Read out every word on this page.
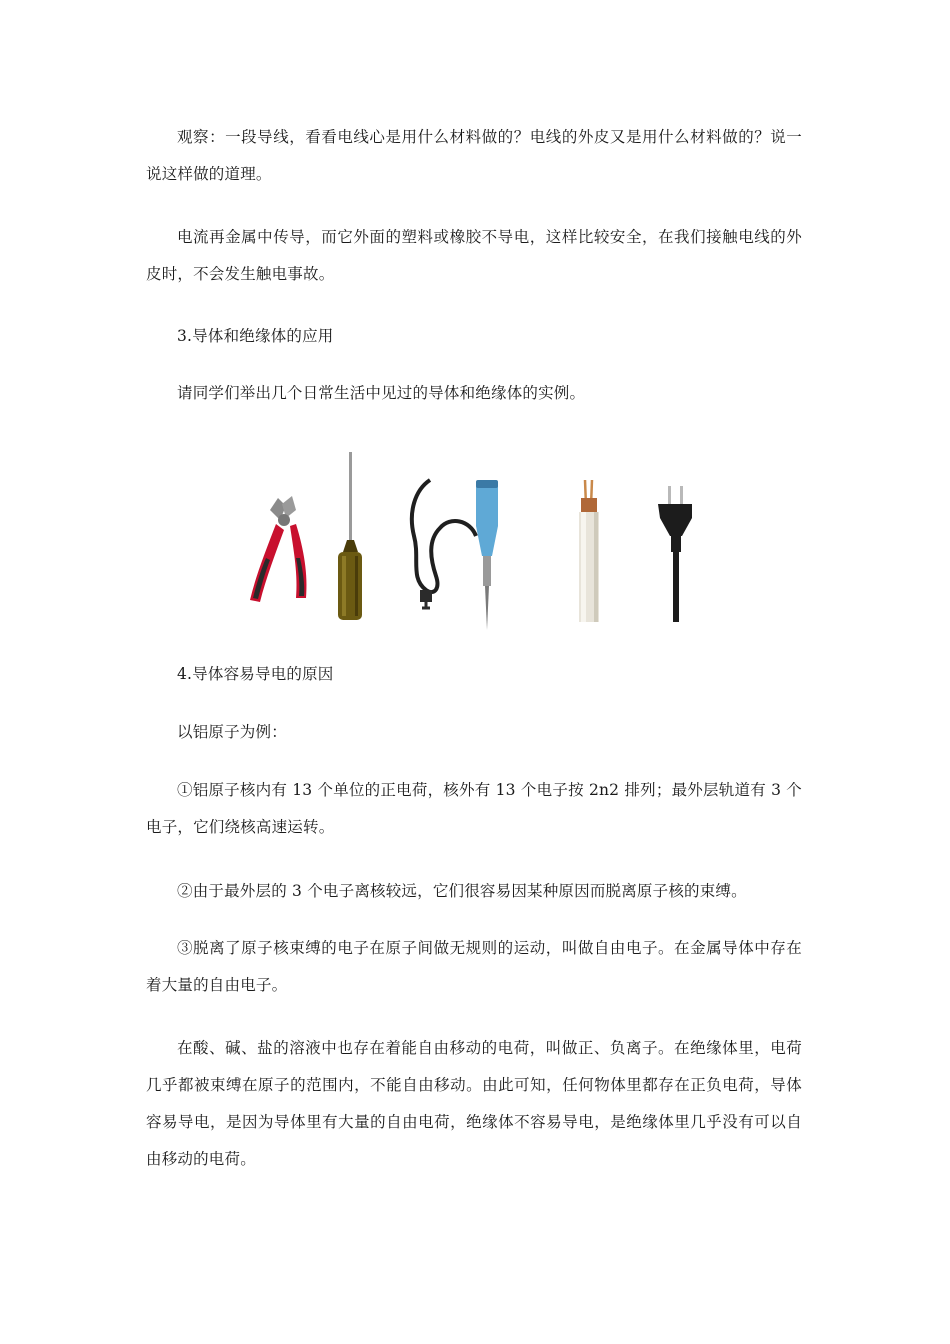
观察：一段导线，看看电线心是用什么材料做的？电线的外皮又是用什么材料做的？说一说这样做的道理。

电流再金属中传导，而它外面的塑料或橡胶不导电，这样比较安全，在我们接触电线的外皮时，不会发生触电事故。

3.导体和绝缘体的应用

请同学们举出几个日常生活中见过的导体和绝缘体的实例。

4.导体容易导电的原因

以铝原子为例：

①铝原子核内有 13 个单位的正电荷，核外有 13 个电子按 2n2 排列；最外层轨道有 3 个电子，它们绕核高速运转。

②由于最外层的 3 个电子离核较远，它们很容易因某种原因而脱离原子核的束缚。

③脱离了原子核束缚的电子在原子间做无规则的运动，叫做自由电子。在金属导体中存在着大量的自由电子。

在酸、碱、盐的溶液中也存在着能自由移动的电荷，叫做正、负离子。在绝缘体里，电荷几乎都被束缚在原子的范围内，不能自由移动。由此可知，任何物体里都存在正负电荷，导体容易导电，是因为导体里有大量的自由电荷，绝缘体不容易导电，是绝缘体里几乎没有可以自由移动的电荷。
